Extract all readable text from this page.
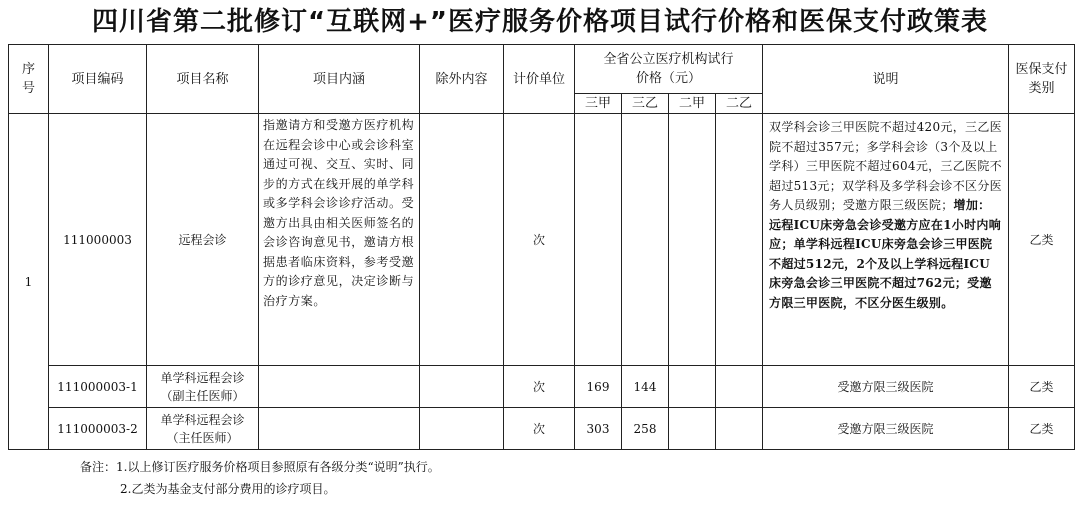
四川省第二批修订“互联网+”医疗服务价格项目试行价格和医保支付政策表
序号	项目编码	项目名称	项目内涵	除外内容	计价单位	全省公立医疗机构试行价格（元）				说明	医保支付类别
						三甲	三乙	二甲	二乙		
1	111000003	远程会诊	指邀请方和受邀方医疗机构在远程会诊中心或会诊科室通过可视、交互、实时、同步的方式在线开展的单学科或多学科会诊诊疗活动。受邀方出具由相关医师签名的会诊咨询意见书，邀请方根据患者临床资料，参考受邀方的诊疗意见，决定诊断与治疗方案。		次					双学科会诊三甲医院不超过420元，三乙医院不超过357元；多学科会诊（3个及以上学科）三甲医院不超过604元，三乙医院不超过513元；双学科及多学科会诊不区分医务人员级别；受邀方限三级医院；增加：远程ICU床旁急会诊受邀方应在1小时内响应；单学科远程ICU床旁急会诊三甲医院不超过512元，2个及以上学科远程ICU床旁急会诊三甲医院不超过762元；受邀方限三甲医院，不区分医生级别。	乙类
	111000003-1	单学科远程会诊（副主任医师）			次	169	144			受邀方限三级医院	乙类
	111000003-2	单学科远程会诊（主任医师）			次	303	258			受邀方限三级医院	乙类
备注：1.以上修订医疗服务价格项目参照原有各级分类“说明”执行。
2.乙类为基金支付部分费用的诊疗项目。
